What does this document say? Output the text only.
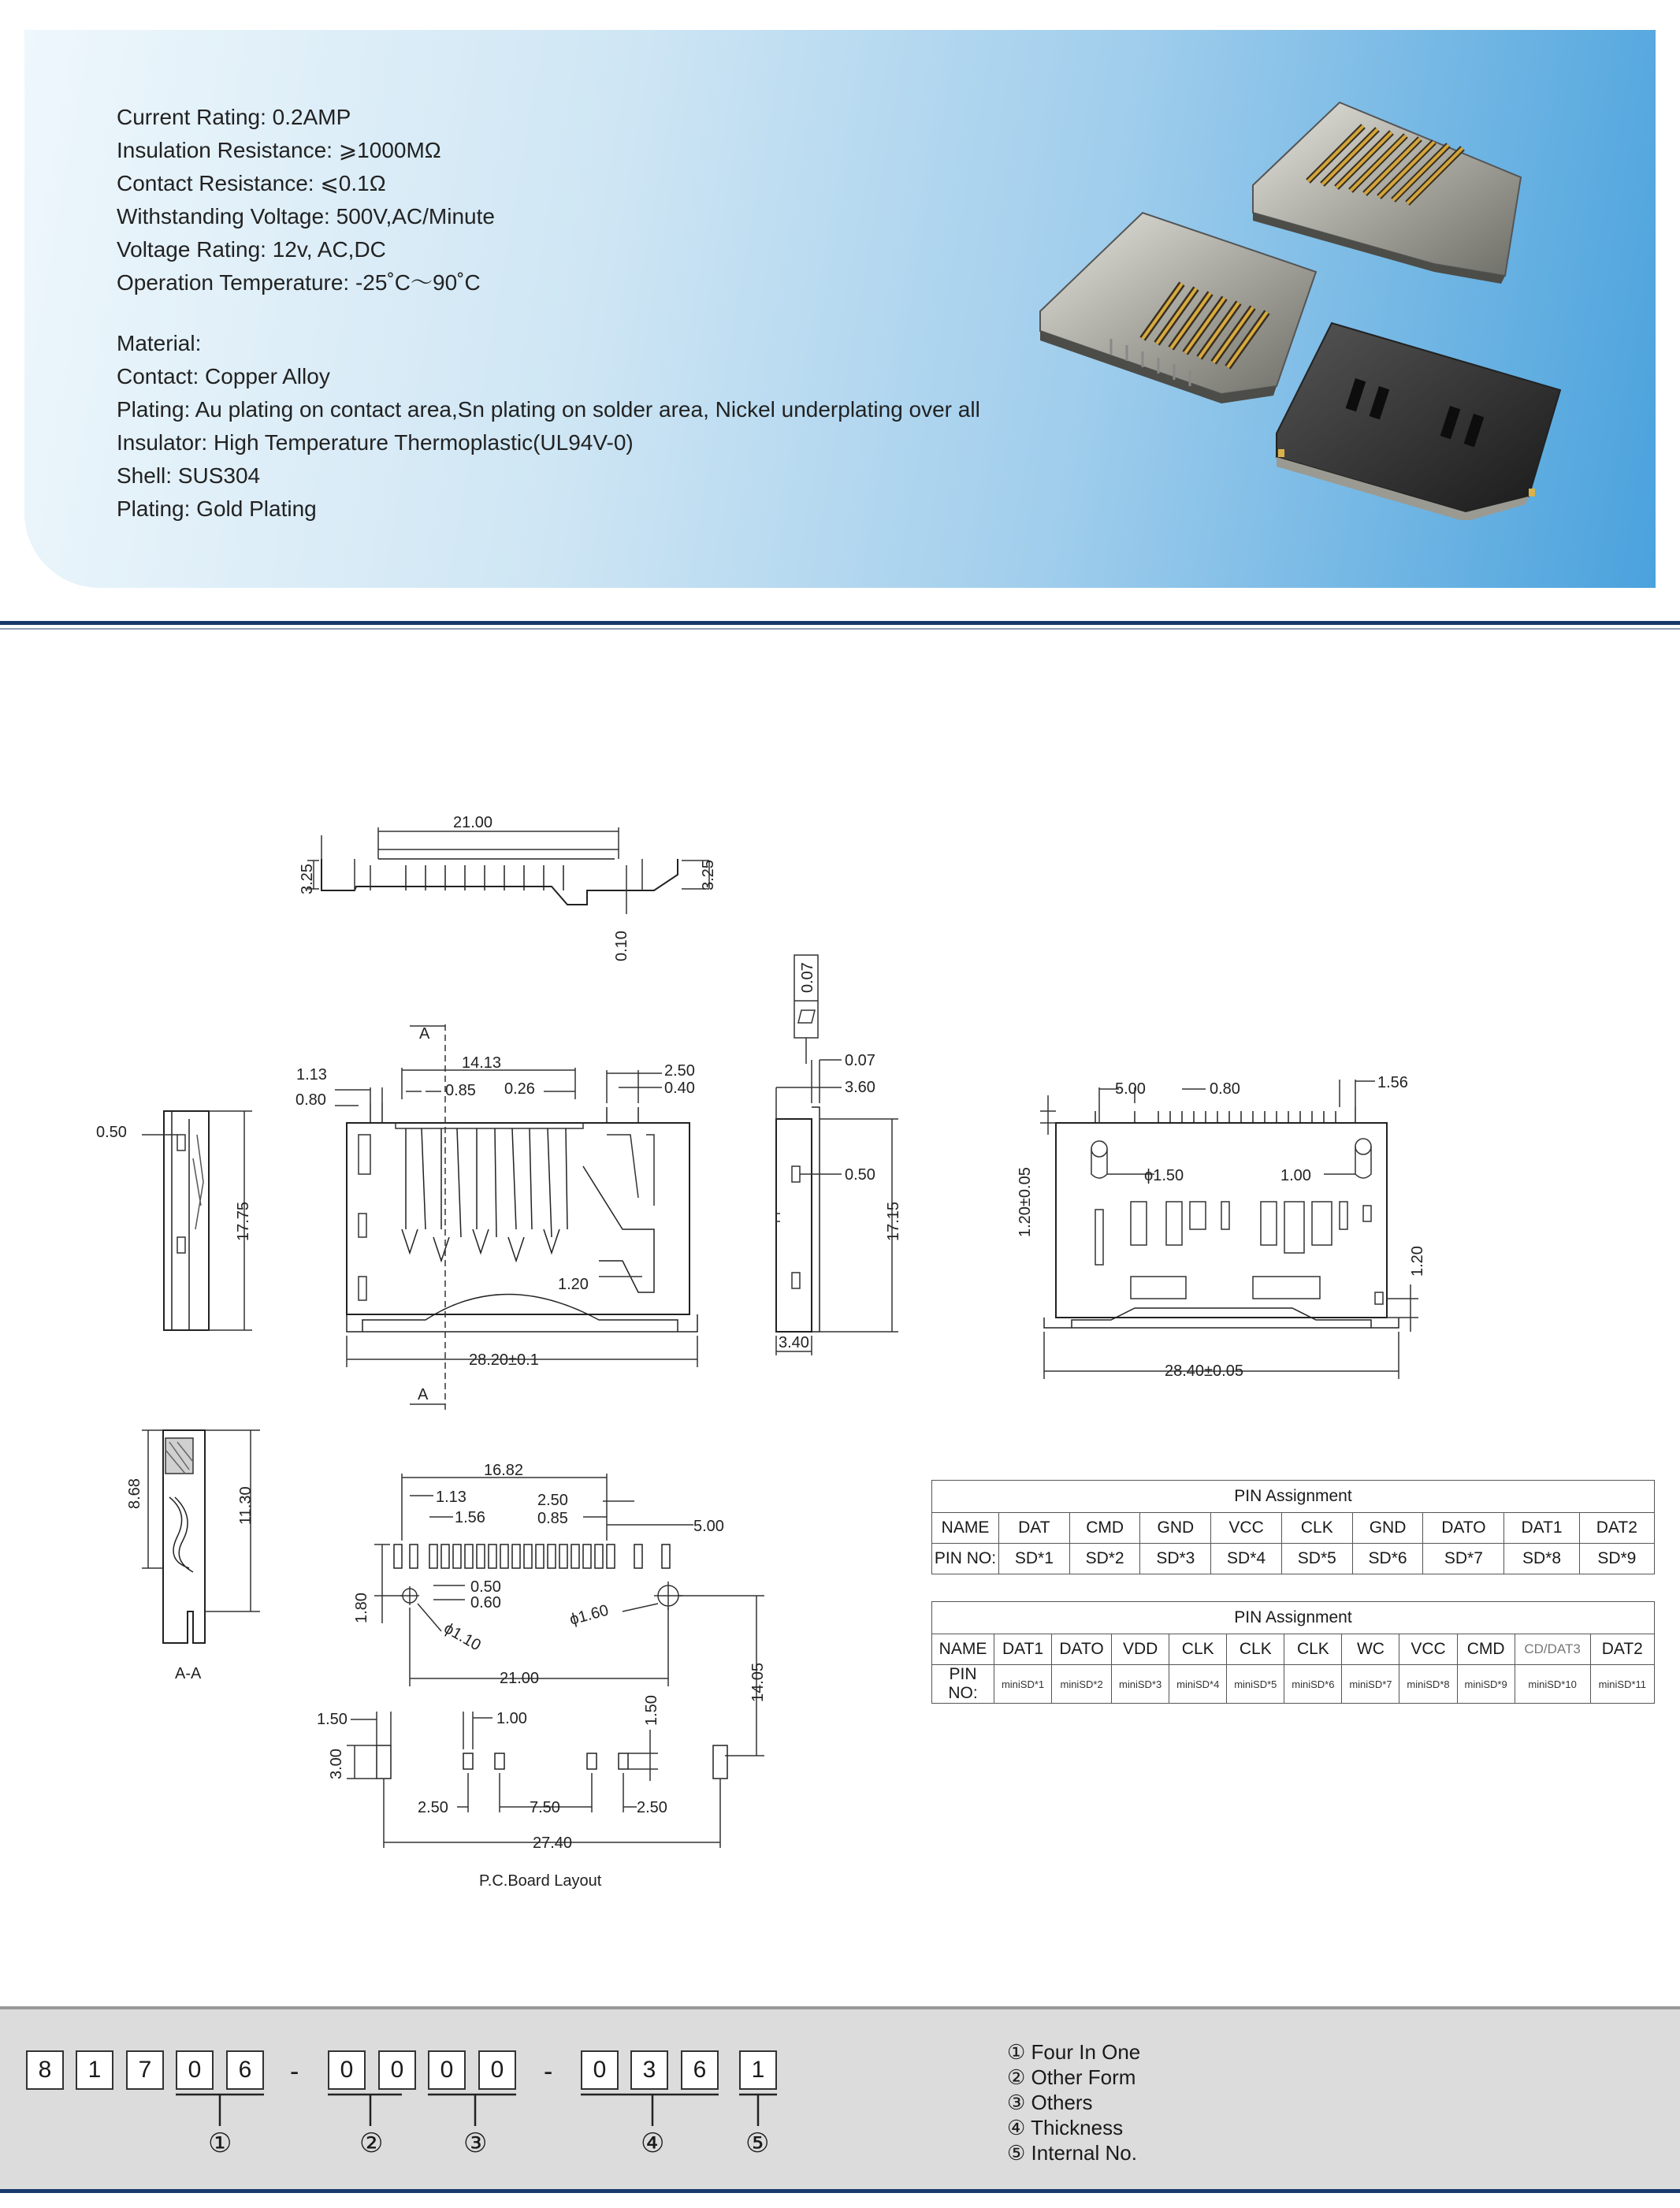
Current Rating: 0.2AMP
Insulation Resistance: ⩾1000MΩ
Contact Resistance: ⩽0.1Ω
Withstanding Voltage: 500V,AC/Minute
Voltage Rating: 12v, AC,DC
Operation Temperature: -25˚C～90˚C
Material:
Contact: Copper Alloy
Plating: Au plating on contact area,Sn plating on solder area, Nickel underplating over all
Insulator: High Temperature Thermoplastic(UL94V-0)
Shell: SUS304
Plating: Gold Plating
21.00
3.25	3.25
0.10
A
A
1.13
0.80
14.13
0.85 0.26
2.50
0.40
1.20
28.20±0.1
0.50
17.75
0.07
0.07
3.60
0.50
17.15
3.40
5.00	0.80	1.56
ϕ1.50	1.00
1.20±0.05
1.20
28.40±0.05
8.68	11.30
A-A
16.82
1.13
1.56
2.50
0.85	5.00
0.50
0.60
1.80
ϕ1.10
ϕ1.60
21.00	14.05
1.50	1.00	1.50
3.00
2.50	7.50	2.50
27.40
P.C.Board Layout
PIN Assignment									
NAME	DAT	CMD	GND	VCC	CLK	GND	DATO	DAT1	DAT2
PIN NO:	SD*1	SD*2	SD*3	SD*4	SD*5	SD*6	SD*7	SD*8	SD*9
PIN Assignment											
NAME	DAT1	DATO	VDD	CLK	CLK	CLK	WC	VCC	CMD	CD/DAT3	DAT2
PIN NO:	miniSD*1	miniSD*2	miniSD*3	miniSD*4	miniSD*5	miniSD*6	miniSD*7	miniSD*8	miniSD*9	miniSD*10	miniSD*11
8	1	7	0	6	-	0	0	0	0	-	0	3	6	1
①	②	③	④	⑤
① Four In One
② Other Form
③ Others
④ Thickness
⑤ Internal No.
